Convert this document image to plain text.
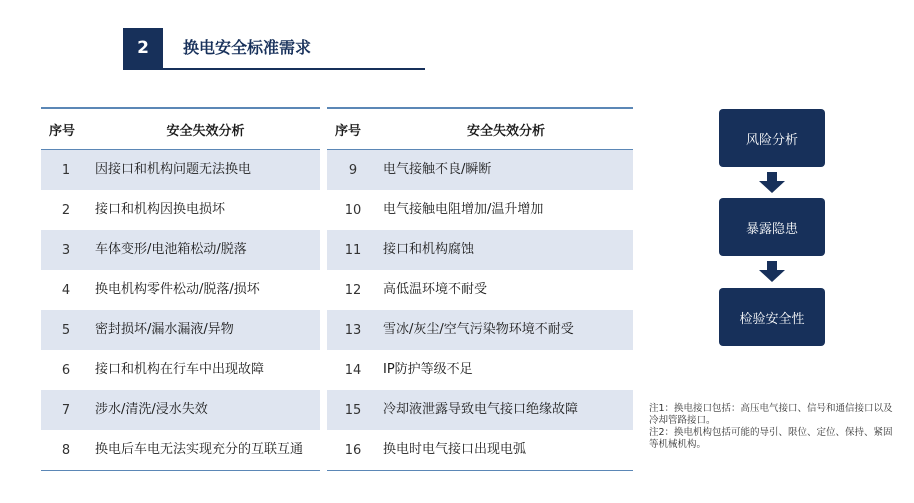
2	换电安全标准需求
序号	安全失效分析
1	因接口和机构问题无法换电
2	接口和机构因换电损坏
3	车体变形/电池箱松动/脱落
4	换电机构零件松动/脱落/损坏
5	密封损坏/漏水漏液/异物
6	接口和机构在行车中出现故障
7	涉水/清洗/浸水失效
8	换电后车电无法实现充分的互联互通
序号	安全失效分析
9	电气接触不良/瞬断
10	电气接触电阻增加/温升增加
11	接口和机构腐蚀
12	高低温环境不耐受
13	雪冰/灰尘/空气污染物环境不耐受
14	IP防护等级不足
15	冷却液泄露导致电气接口绝缘故障
16	换电时电气接口出现电弧
风险分析
暴露隐患
检验安全性
注1：换电接口包括：高压电气接口、信号和通信接口以及冷却管路接口。
注2：换电机构包括可能的导引、限位、定位、保持、紧固等机械机构。
